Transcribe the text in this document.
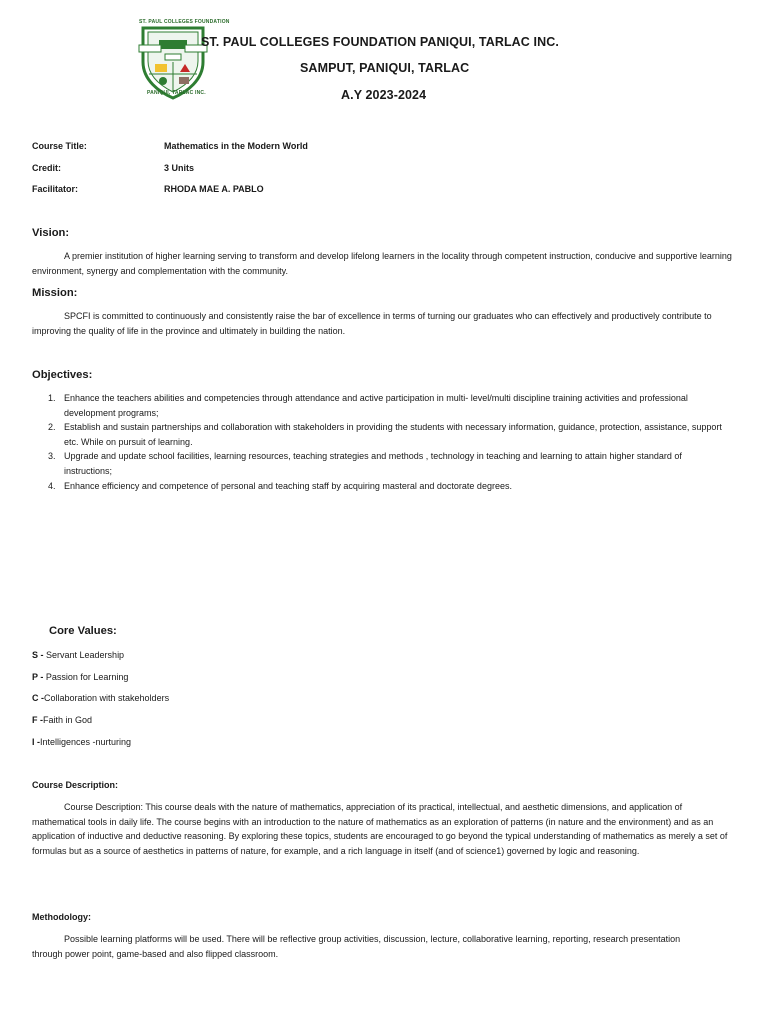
ST. PAUL COLLEGES FOUNDATION
PANIQUI, TARLAC INC.
ST. PAUL COLLEGES FOUNDATION PANIQUI, TARLAC INC.
SAMPUT, PANIQUI, TARLAC
A.Y 2023-2024
Course Title:	Mathematics in the Modern World
Credit:	3 Units
Facilitator:	RHODA MAE A. PABLO
Vision:
A premier institution of higher learning serving to transform and develop lifelong learners in the locality through competent instruction, conducive and supportive learning environment, synergy and complementation with the community.
Mission:
SPCFI is committed to continuously and consistently raise the bar of excellence in terms of turning our graduates who can effectively and productively contribute to improving the quality of life in the province and ultimately in building the nation.
Objectives:
1. Enhance the teachers abilities and competencies through attendance and active participation in multi- level/multi discipline training activities and professional development programs;
2. Establish and sustain partnerships and collaboration with stakeholders in providing the students with necessary information, guidance, protection, assistance, support etc. While on pursuit of learning.
3. Upgrade and update school facilities, learning resources, teaching strategies and methods , technology in teaching and learning to attain higher standard of instructions;
4. Enhance efficiency and competence of personal and teaching staff by acquiring masteral and doctorate degrees.
Core Values:
S - Servant Leadership
P - Passion for Learning
C -Collaboration with stakeholders
F -Faith in God
I -Intelligences -nurturing
Course Description:
Course Description: This course deals with the nature of mathematics, appreciation of its practical, intellectual, and aesthetic dimensions, and application of mathematical tools in daily life. The course begins with an introduction to the nature of mathematics as an exploration of patterns (in nature and the environment) and as an application of inductive and deductive reasoning. By exploring these topics, students are encouraged to go beyond the typical understanding of mathematics as merely a set of formulas but as a source of aesthetics in patterns of nature, for example, and a rich language in itself (and of science1) governed by logic and reasoning.
Methodology:
Possible learning platforms will be used. There will be reflective group activities, discussion, lecture, collaborative learning, reporting, research presentation through power point, game-based and also flipped classroom.
